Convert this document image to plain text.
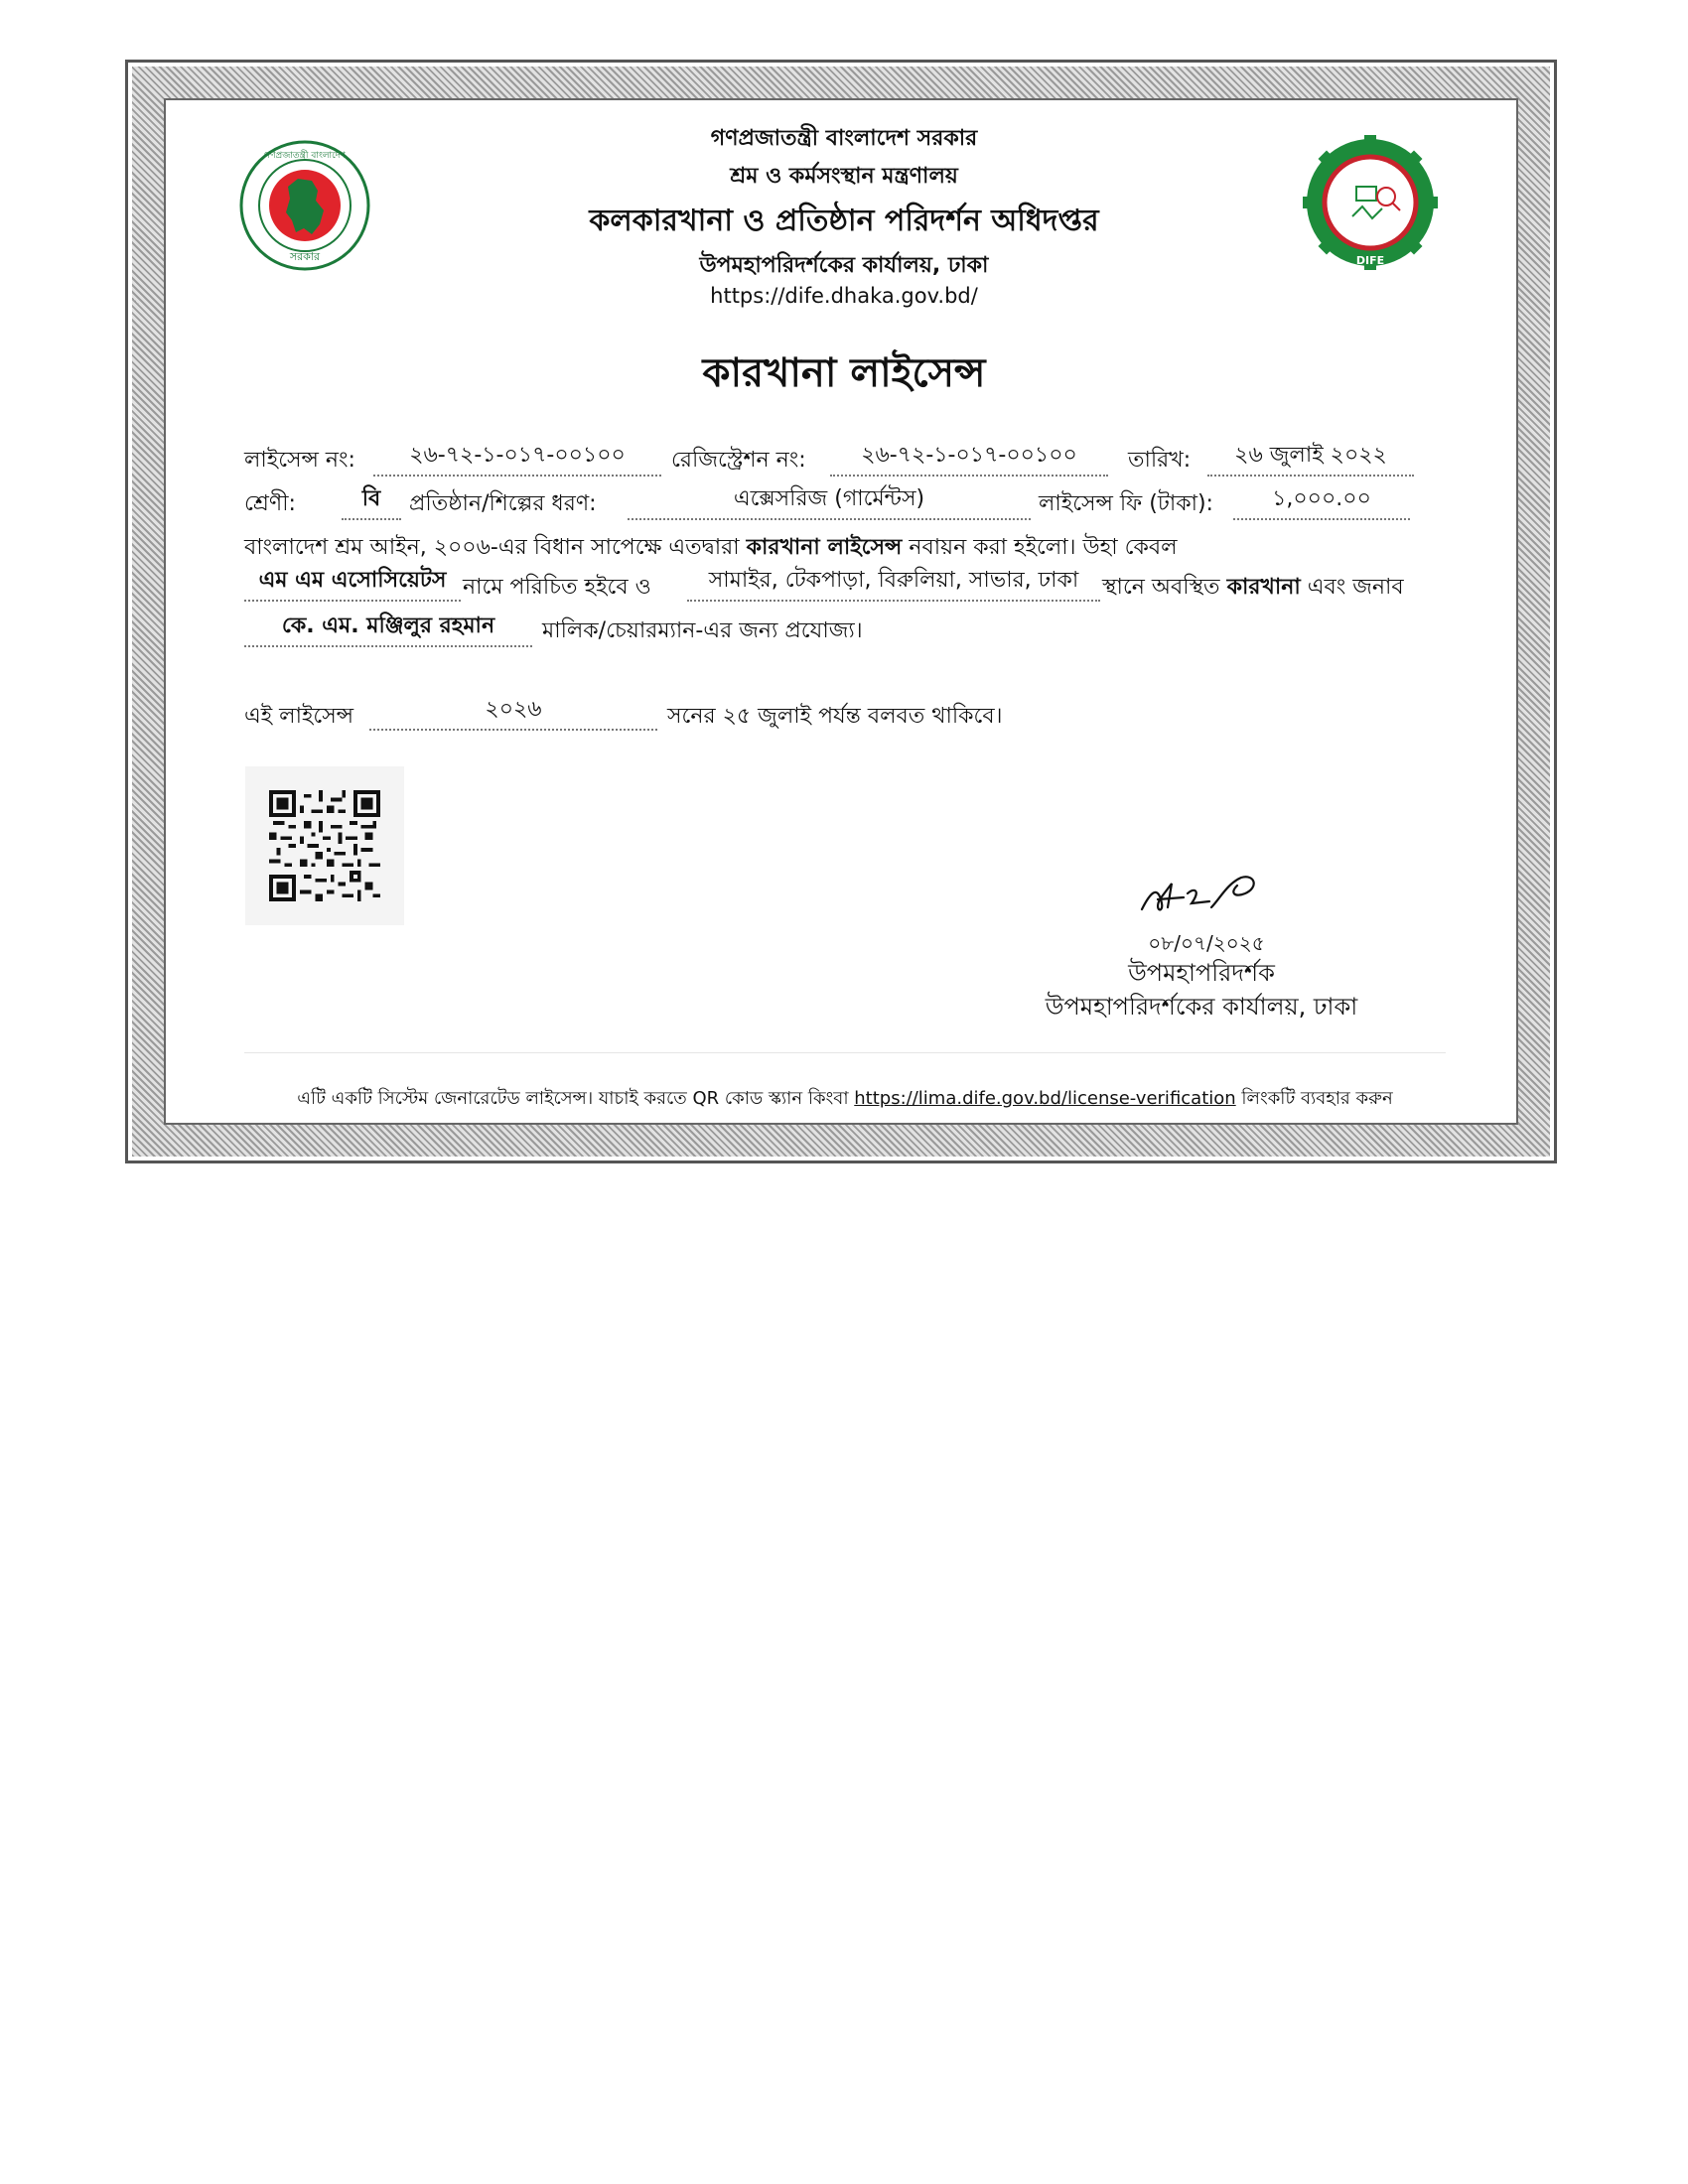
সরকার
গণপ্রজাতন্ত্রী বাংলাদেশ
DIFE
গণপ্রজাতন্ত্রী বাংলাদেশ সরকার
শ্রম ও কর্মসংস্থান মন্ত্রণালয়
কলকারখানা ও প্রতিষ্ঠান পরিদর্শন অধিদপ্তর
উপমহাপরিদর্শকের কার্যালয়, ঢাকা
https://dife.dhaka.gov.bd/
কারখানা লাইসেন্স
লাইসেন্স নং:	২৬-৭২-১-০১৭-০০১০০	রেজিস্ট্রেশন নং:	২৬-৭২-১-০১৭-০০১০০	তারিখ:	২৬ জুলাই ২০২২
শ্রেণী:	বি	প্রতিষ্ঠান/শিল্পের ধরণ:	এক্সেসরিজ (গার্মেন্টস)	লাইসেন্স ফি (টাকা):	১,০০০.০০
বাংলাদেশ শ্রম আইন, ২০০৬-এর বিধান সাপেক্ষে এতদ্বারা কারখানা লাইসেন্স নবায়ন করা হইলো। উহা কেবল
এম এম এসোসিয়েটস নামে পরিচিত হইবে ও	সামাইর, টেকপাড়া, বিরুলিয়া, সাভার, ঢাকা	স্থানে অবস্থিত কারখানা এবং জনাব
কে. এম. মঞ্জিলুর রহমান	মালিক/চেয়ারম্যান-এর জন্য প্রযোজ্য।
এই লাইসেন্স	২০২৬	সনের ২৫ জুলাই পর্যন্ত বলবত থাকিবে।
০৮/০৭/২০২৫
উপমহাপরিদর্শক
উপমহাপরিদর্শকের কার্যালয়, ঢাকা
এটি একটি সিস্টেম জেনারেটেড লাইসেন্স। যাচাই করতে QR কোড স্ক্যান কিংবা https://lima.dife.gov.bd/license-verification লিংকটি ব্যবহার করুন
